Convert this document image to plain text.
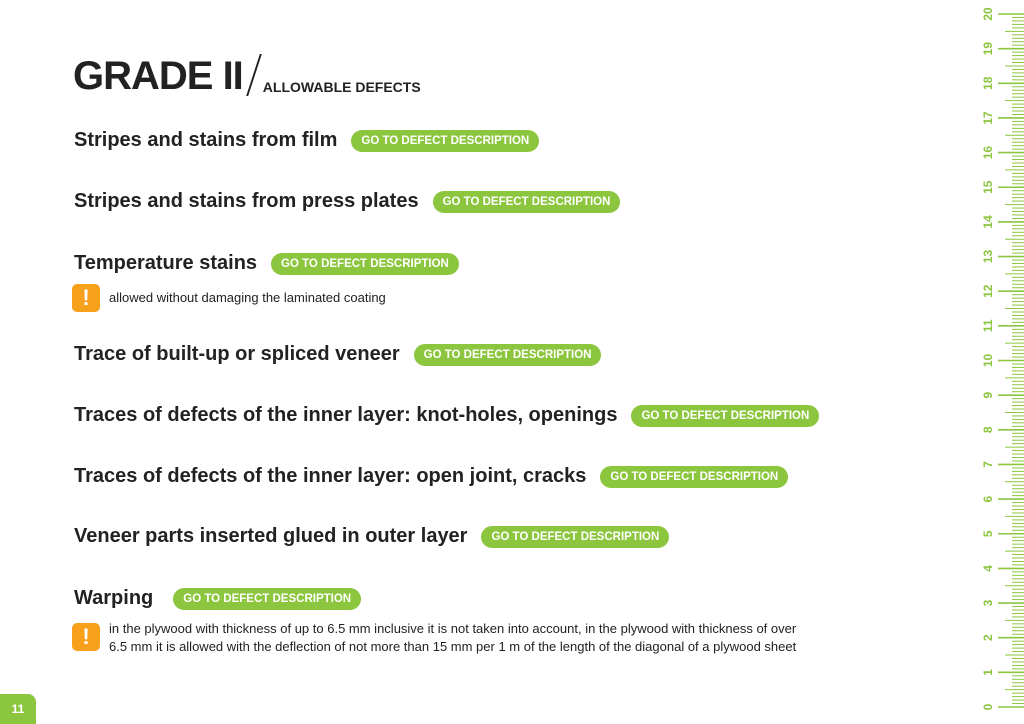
GRADE II ALLOWABLE DEFECTS
Stripes and stains from film	GO TO DEFECT DESCRIPTION
Stripes and stains from press plates	GO TO DEFECT DESCRIPTION
Temperature stains	GO TO DEFECT DESCRIPTION
!	allowed without damaging the laminated coating
Trace of built-up or spliced veneer	GO TO DEFECT DESCRIPTION
Traces of defects of the inner layer: knot-holes, openings	GO TO DEFECT DESCRIPTION
Traces of defects of the inner layer: open joint, cracks	GO TO DEFECT DESCRIPTION
Veneer parts inserted glued in outer layer	GO TO DEFECT DESCRIPTION
Warping	GO TO DEFECT DESCRIPTION
!	in the plywood with thickness of up to 6.5 mm inclusive it is not taken into account, in the plywood with thickness of over
6.5 mm it is allowed with the deflection of not more than 15 mm per 1 m of the length of the diagonal of a plywood sheet
11	0
1
2
3
4
5
6
7
8
9
10
11
12
13
14
15
16
17
18
19
20
